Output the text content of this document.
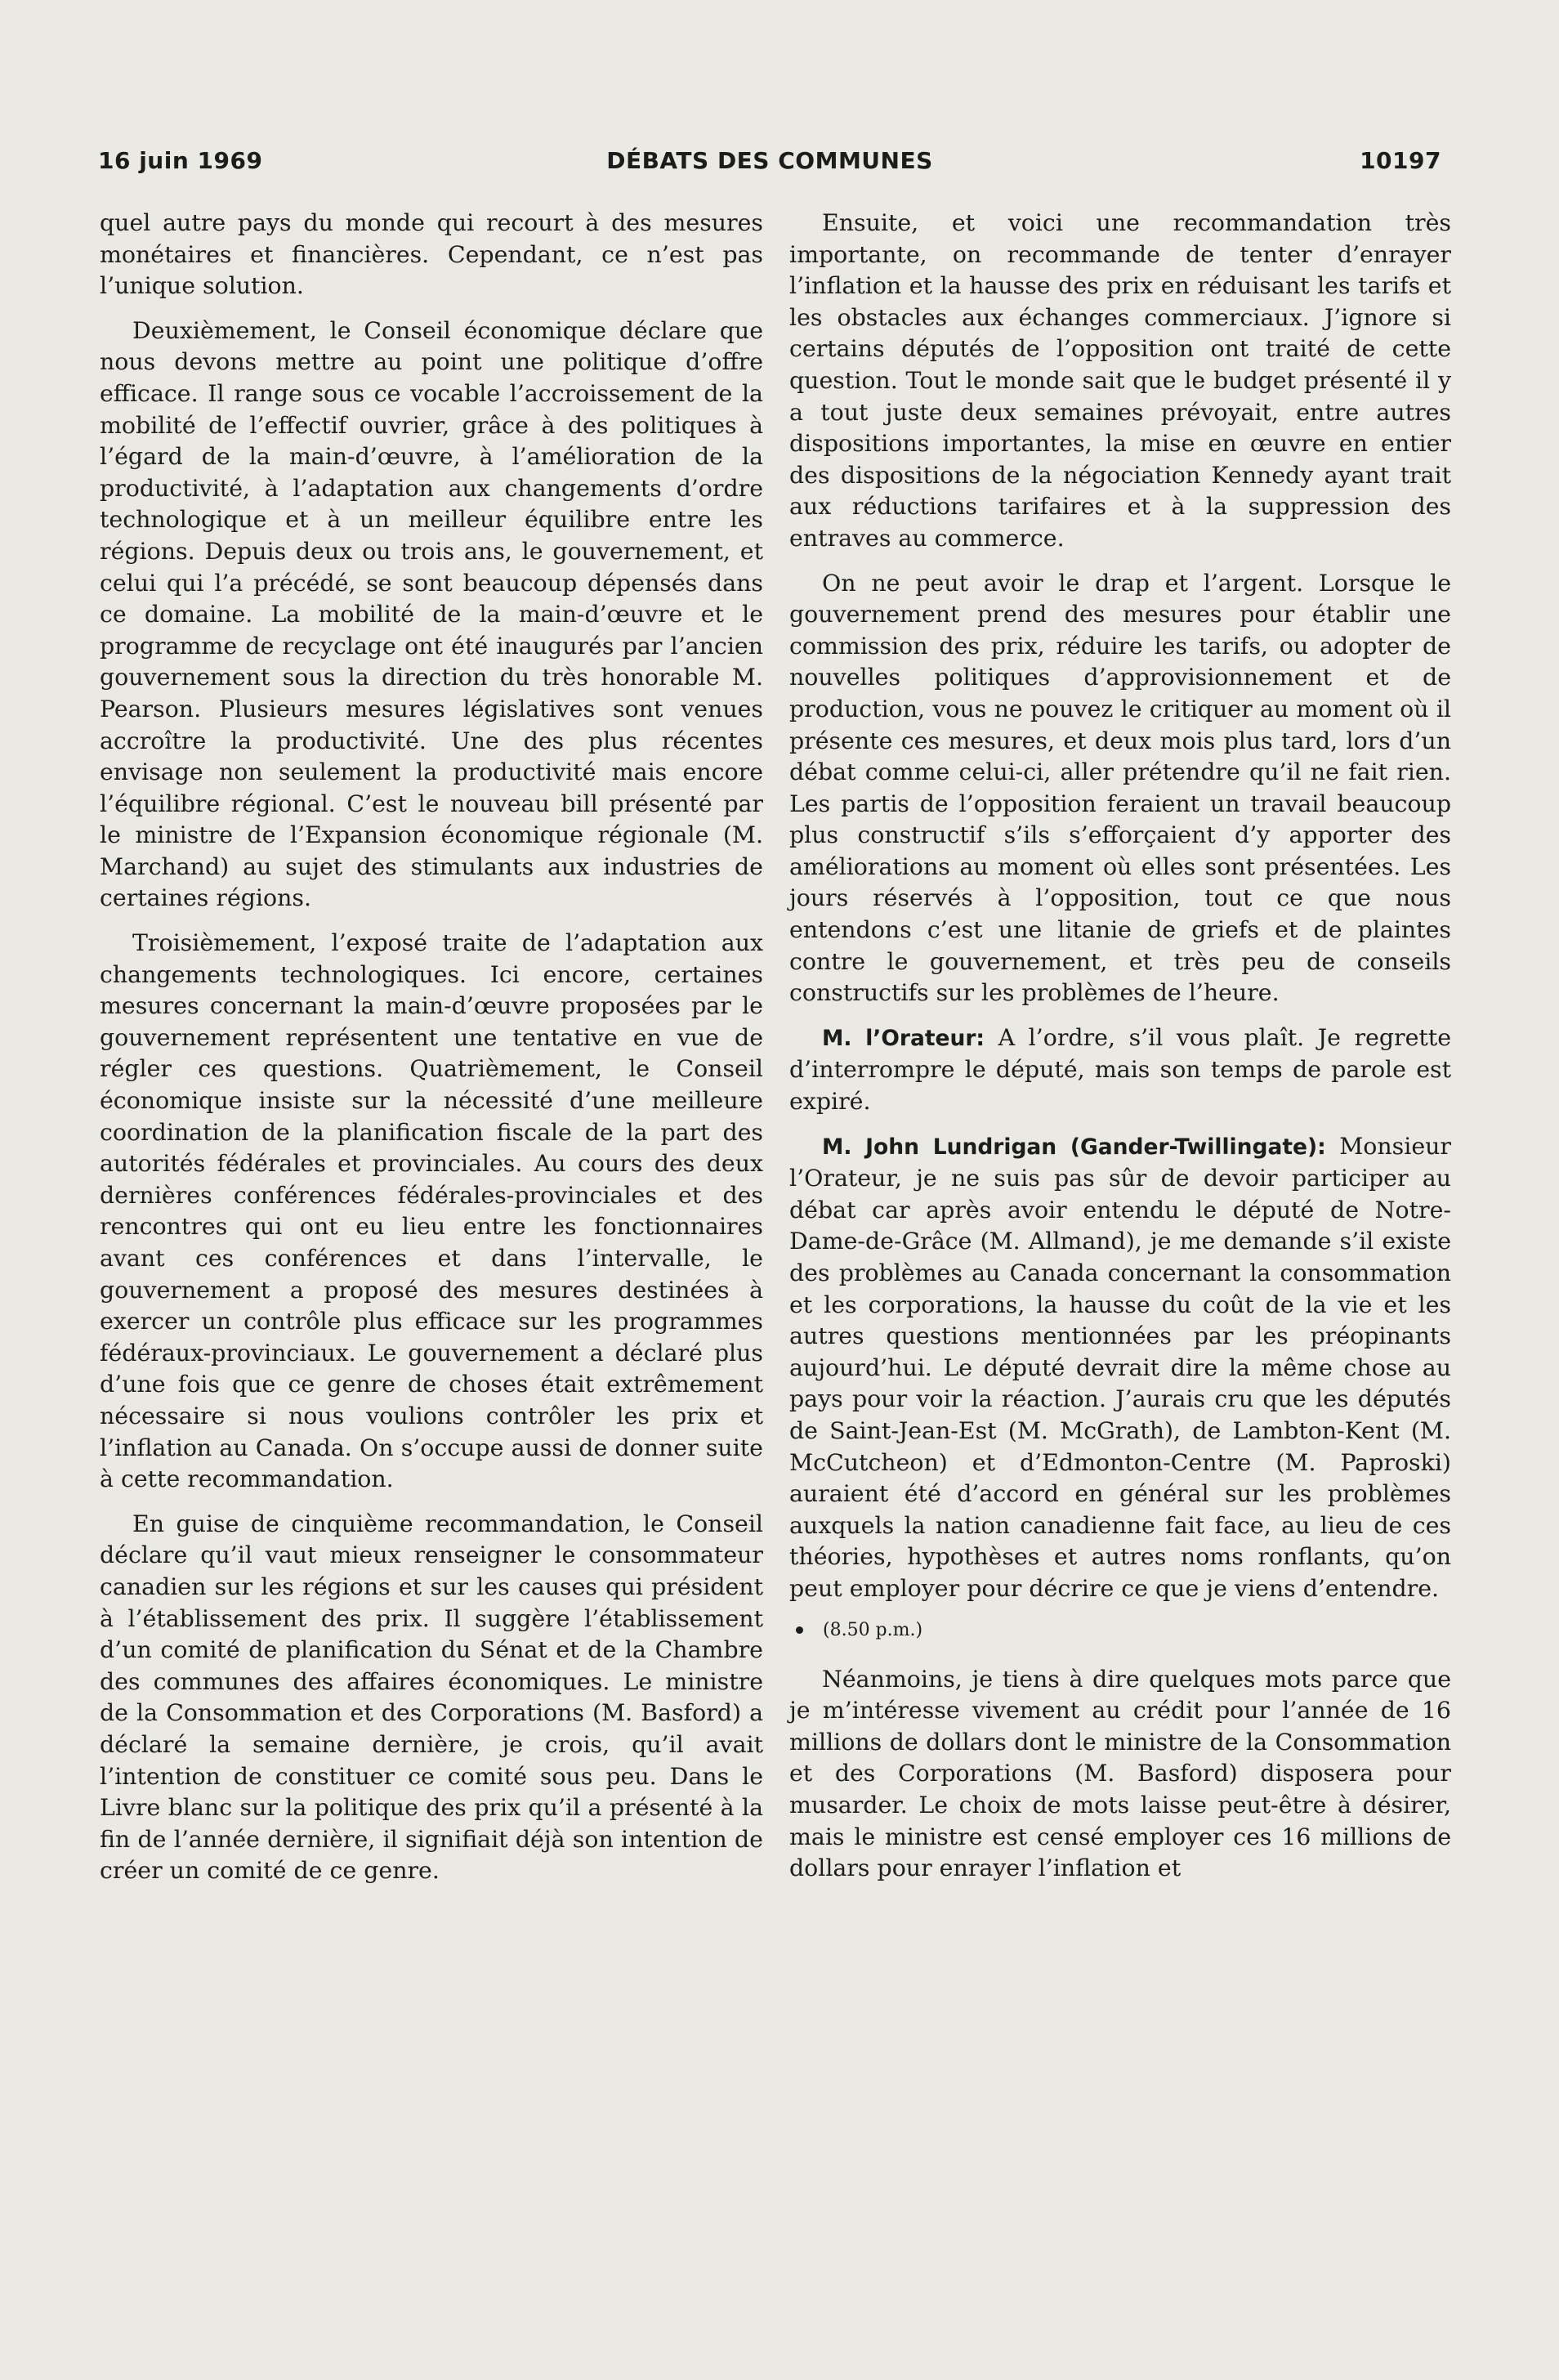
16 juin 1969	DÉBATS DES COMMUNES	10197

quel autre pays du monde qui recourt à des mesures monétaires et financières. Cependant, ce n’est pas l’unique solution.

Deuxièmement, le Conseil économique déclare que nous devons mettre au point une politique d’offre efficace. Il range sous ce vocable l’accroissement de la mobilité de l’effectif ouvrier, grâce à des politiques à l’égard de la main-d’œuvre, à l’amélioration de la productivité, à l’adaptation aux changements d’ordre technologique et à un meilleur équilibre entre les régions. Depuis deux ou trois ans, le gouvernement, et celui qui l’a précédé, se sont beaucoup dépensés dans ce domaine. La mobilité de la main-d’œuvre et le programme de recyclage ont été inaugurés par l’ancien gouvernement sous la direction du très honorable M. Pearson. Plusieurs mesures législatives sont venues accroître la productivité. Une des plus récentes envisage non seulement la productivité mais encore l’équilibre régional. C’est le nouveau bill présenté par le ministre de l’Expansion économique régionale (M. Marchand) au sujet des stimulants aux industries de certaines régions.

Troisièmement, l’exposé traite de l’adaptation aux changements technologiques. Ici encore, certaines mesures concernant la main-d’œuvre proposées par le gouvernement représentent une tentative en vue de régler ces questions. Quatrièmement, le Conseil économique insiste sur la nécessité d’une meilleure coordination de la planification fiscale de la part des autorités fédérales et provinciales. Au cours des deux dernières conférences fédérales-provinciales et des rencontres qui ont eu lieu entre les fonctionnaires avant ces conférences et dans l’intervalle, le gouvernement a proposé des mesures destinées à exercer un contrôle plus efficace sur les programmes fédéraux-provinciaux. Le gouvernement a déclaré plus d’une fois que ce genre de choses était extrêmement nécessaire si nous voulions contrôler les prix et l’inflation au Canada. On s’occupe aussi de donner suite à cette recommandation.

En guise de cinquième recommandation, le Conseil déclare qu’il vaut mieux renseigner le consommateur canadien sur les régions et sur les causes qui président à l’établissement des prix. Il suggère l’établissement d’un comité de planification du Sénat et de la Chambre des communes des affaires économiques. Le ministre de la Consommation et des Corporations (M. Basford) a déclaré la semaine dernière, je crois, qu’il avait l’intention de constituer ce comité sous peu. Dans le Livre blanc sur la politique des prix qu’il a présenté à la fin de l’année dernière, il signifiait déjà son intention de créer un comité de ce genre.

Ensuite, et voici une recommandation très importante, on recommande de tenter d’enrayer l’inflation et la hausse des prix en réduisant les tarifs et les obstacles aux échanges commerciaux. J’ignore si certains députés de l’opposition ont traité de cette question. Tout le monde sait que le budget présenté il y a tout juste deux semaines prévoyait, entre autres dispositions importantes, la mise en œuvre en entier des dispositions de la négociation Kennedy ayant trait aux réductions tarifaires et à la suppression des entraves au commerce.

On ne peut avoir le drap et l’argent. Lorsque le gouvernement prend des mesures pour établir une commission des prix, réduire les tarifs, ou adopter de nouvelles politiques d’approvisionnement et de production, vous ne pouvez le critiquer au moment où il présente ces mesures, et deux mois plus tard, lors d’un débat comme celui-ci, aller prétendre qu’il ne fait rien. Les partis de l’opposition feraient un travail beaucoup plus constructif s’ils s’efforçaient d’y apporter des améliorations au moment où elles sont présentées. Les jours réservés à l’opposition, tout ce que nous entendons c’est une litanie de griefs et de plaintes contre le gouvernement, et très peu de conseils constructifs sur les problèmes de l’heure.

M. l’Orateur: A l’ordre, s’il vous plaît. Je regrette d’interrompre le député, mais son temps de parole est expiré.

M. John Lundrigan (Gander-Twillingate): Monsieur l’Orateur, je ne suis pas sûr de devoir participer au débat car après avoir entendu le député de Notre-Dame-de-Grâce (M. Allmand), je me demande s’il existe des problèmes au Canada concernant la consommation et les corporations, la hausse du coût de la vie et les autres questions mentionnées par les préopinants aujourd’hui. Le député devrait dire la même chose au pays pour voir la réaction. J’aurais cru que les députés de Saint-Jean-Est (M. McGrath), de Lambton-Kent (M. McCutcheon) et d’Edmonton-Centre (M. Paproski) auraient été d’accord en général sur les problèmes auxquels la nation canadienne fait face, au lieu de ces théories, hypothèses et autres noms ronflants, qu’on peut employer pour décrire ce que je viens d’entendre.

(8.50 p.m.)

Néanmoins, je tiens à dire quelques mots parce que je m’intéresse vivement au crédit pour l’année de 16 millions de dollars dont le ministre de la Consommation et des Corporations (M. Basford) disposera pour musarder. Le choix de mots laisse peut-être à désirer, mais le ministre est censé employer ces 16 millions de dollars pour enrayer l’inflation et
